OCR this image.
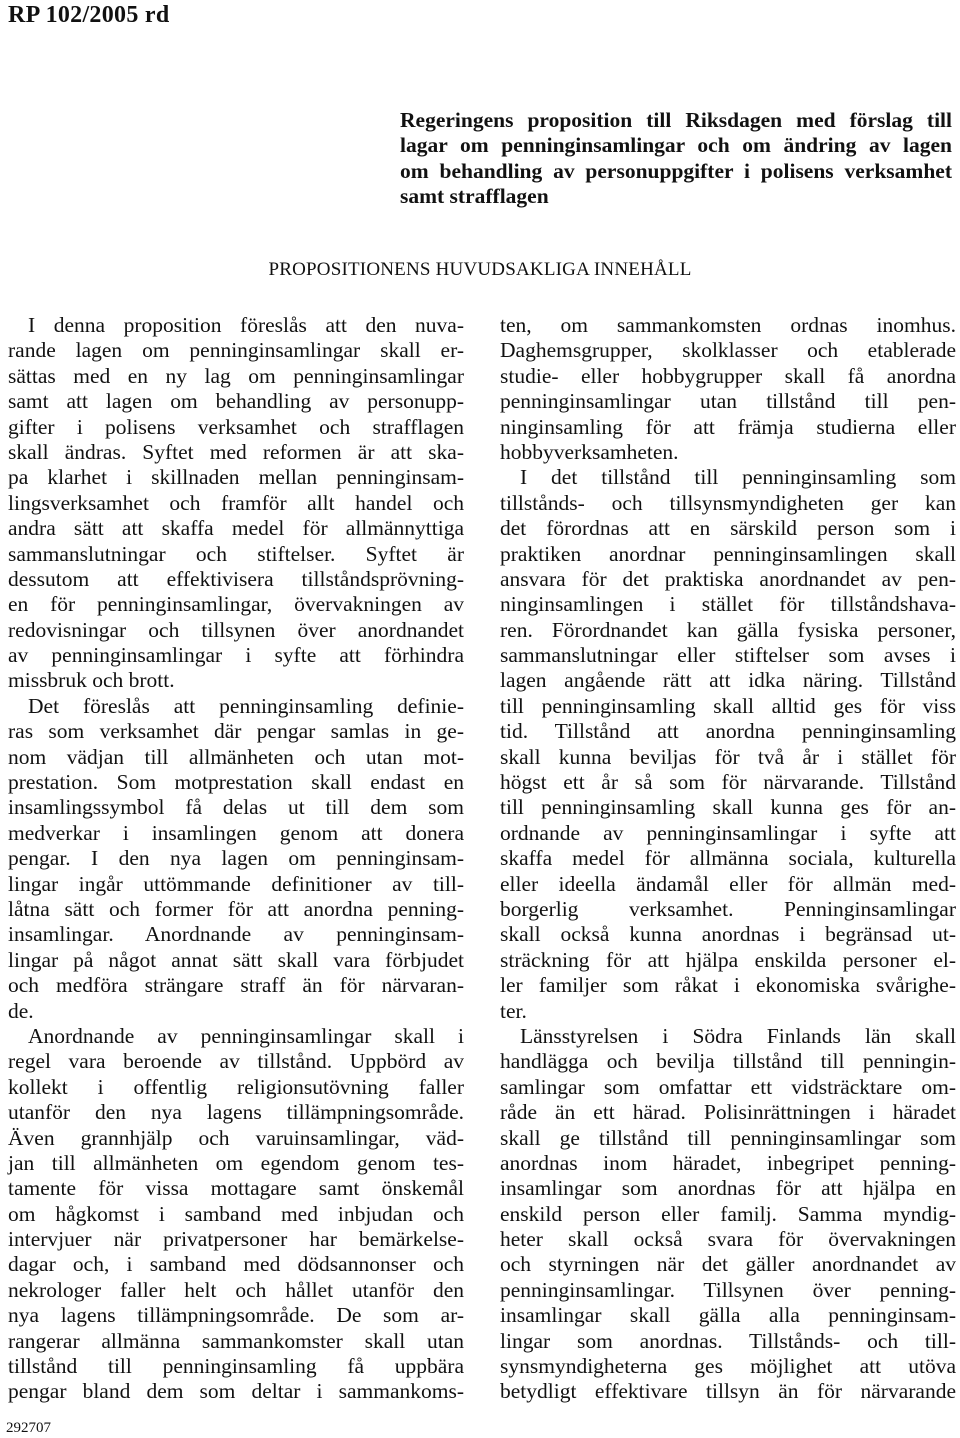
RP 102/2005 rd
Regeringens proposition till Riksdagen med förslag till
lagar om penninginsamlingar och om ändring av lagen
om behandling av personuppgifter i polisens verksamhet
samt strafflagen
PROPOSITIONENS HUVUDSAKLIGA INNEHÅLL
I denna proposition föreslås att den nuva-
rande lagen om penninginsamlingar skall er-
sättas med en ny lag om penninginsamlingar
samt att lagen om behandling av personupp-
gifter i polisens verksamhet och strafflagen
skall ändras. Syftet med reformen är att ska-
pa klarhet i skillnaden mellan penninginsam-
lingsverksamhet och framför allt handel och
andra sätt att skaffa medel för allmännyttiga
sammanslutningar och stiftelser. Syftet är
dessutom att effektivisera tillståndsprövning-
en för penninginsamlingar, övervakningen av
redovisningar och tillsynen över anordnandet
av penninginsamlingar i syfte att förhindra
missbruk och brott.
Det föreslås att penninginsamling definie-
ras som verksamhet där pengar samlas in ge-
nom vädjan till allmänheten och utan mot-
prestation. Som motprestation skall endast en
insamlingssymbol få delas ut till dem som
medverkar i insamlingen genom att donera
pengar. I den nya lagen om penninginsam-
lingar ingår uttömmande definitioner av till-
låtna sätt och former för att anordna penning-
insamlingar. Anordnande av penninginsam-
lingar på något annat sätt skall vara förbjudet
och medföra strängare straff än för närvaran-
de.
Anordnande av penninginsamlingar skall i
regel vara beroende av tillstånd. Uppbörd av
kollekt i offentlig religionsutövning faller
utanför den nya lagens tillämpningsområde.
Även grannhjälp och varuinsamlingar, väd-
jan till allmänheten om egendom genom tes-
tamente för vissa mottagare samt önskemål
om hågkomst i samband med inbjudan och
intervjuer när privatpersoner har bemärkelse-
dagar och, i samband med dödsannonser och
nekrologer faller helt och hållet utanför den
nya lagens tillämpningsområde. De som ar-
rangerar allmänna sammankomster skall utan
tillstånd till penninginsamling få uppbära
pengar bland dem som deltar i sammankoms-
ten, om sammankomsten ordnas inomhus.
Daghemsgrupper, skolklasser och etablerade
studie- eller hobbygrupper skall få anordna
penninginsamlingar utan tillstånd till pen-
ninginsamling för att främja studierna eller
hobbyverksamheten.
I det tillstånd till penninginsamling som
tillstånds- och tillsynsmyndigheten ger kan
det förordnas att en särskild person som i
praktiken anordnar penninginsamlingen skall
ansvara för det praktiska anordnandet av pen-
ninginsamlingen i stället för tillståndshava-
ren. Förordnandet kan gälla fysiska personer,
sammanslutningar eller stiftelser som avses i
lagen angående rätt att idka näring. Tillstånd
till penninginsamling skall alltid ges för viss
tid. Tillstånd att anordna penninginsamling
skall kunna beviljas för två år i stället för
högst ett år så som för närvarande. Tillstånd
till penninginsamling skall kunna ges för an-
ordnande av penninginsamlingar i syfte att
skaffa medel för allmänna sociala, kulturella
eller ideella ändamål eller för allmän med-
borgerlig verksamhet. Penninginsamlingar
skall också kunna anordnas i begränsad ut-
sträckning för att hjälpa enskilda personer el-
ler familjer som råkat i ekonomiska svårighe-
ter.
Länsstyrelsen i Södra Finlands län skall
handlägga och bevilja tillstånd till penningin-
samlingar som omfattar ett vidsträcktare om-
råde än ett härad. Polisinrättningen i häradet
skall ge tillstånd till penninginsamlingar som
anordnas inom häradet, inbegripet penning-
insamlingar som anordnas för att hjälpa en
enskild person eller familj. Samma myndig-
heter skall också svara för övervakningen
och styrningen när det gäller anordnandet av
penninginsamlingar. Tillsynen över penning-
insamlingar skall gälla alla penninginsam-
lingar som anordnas. Tillstånds- och till-
synsmyndigheterna ges möjlighet att utöva
betydligt effektivare tillsyn än för närvarande
292707
